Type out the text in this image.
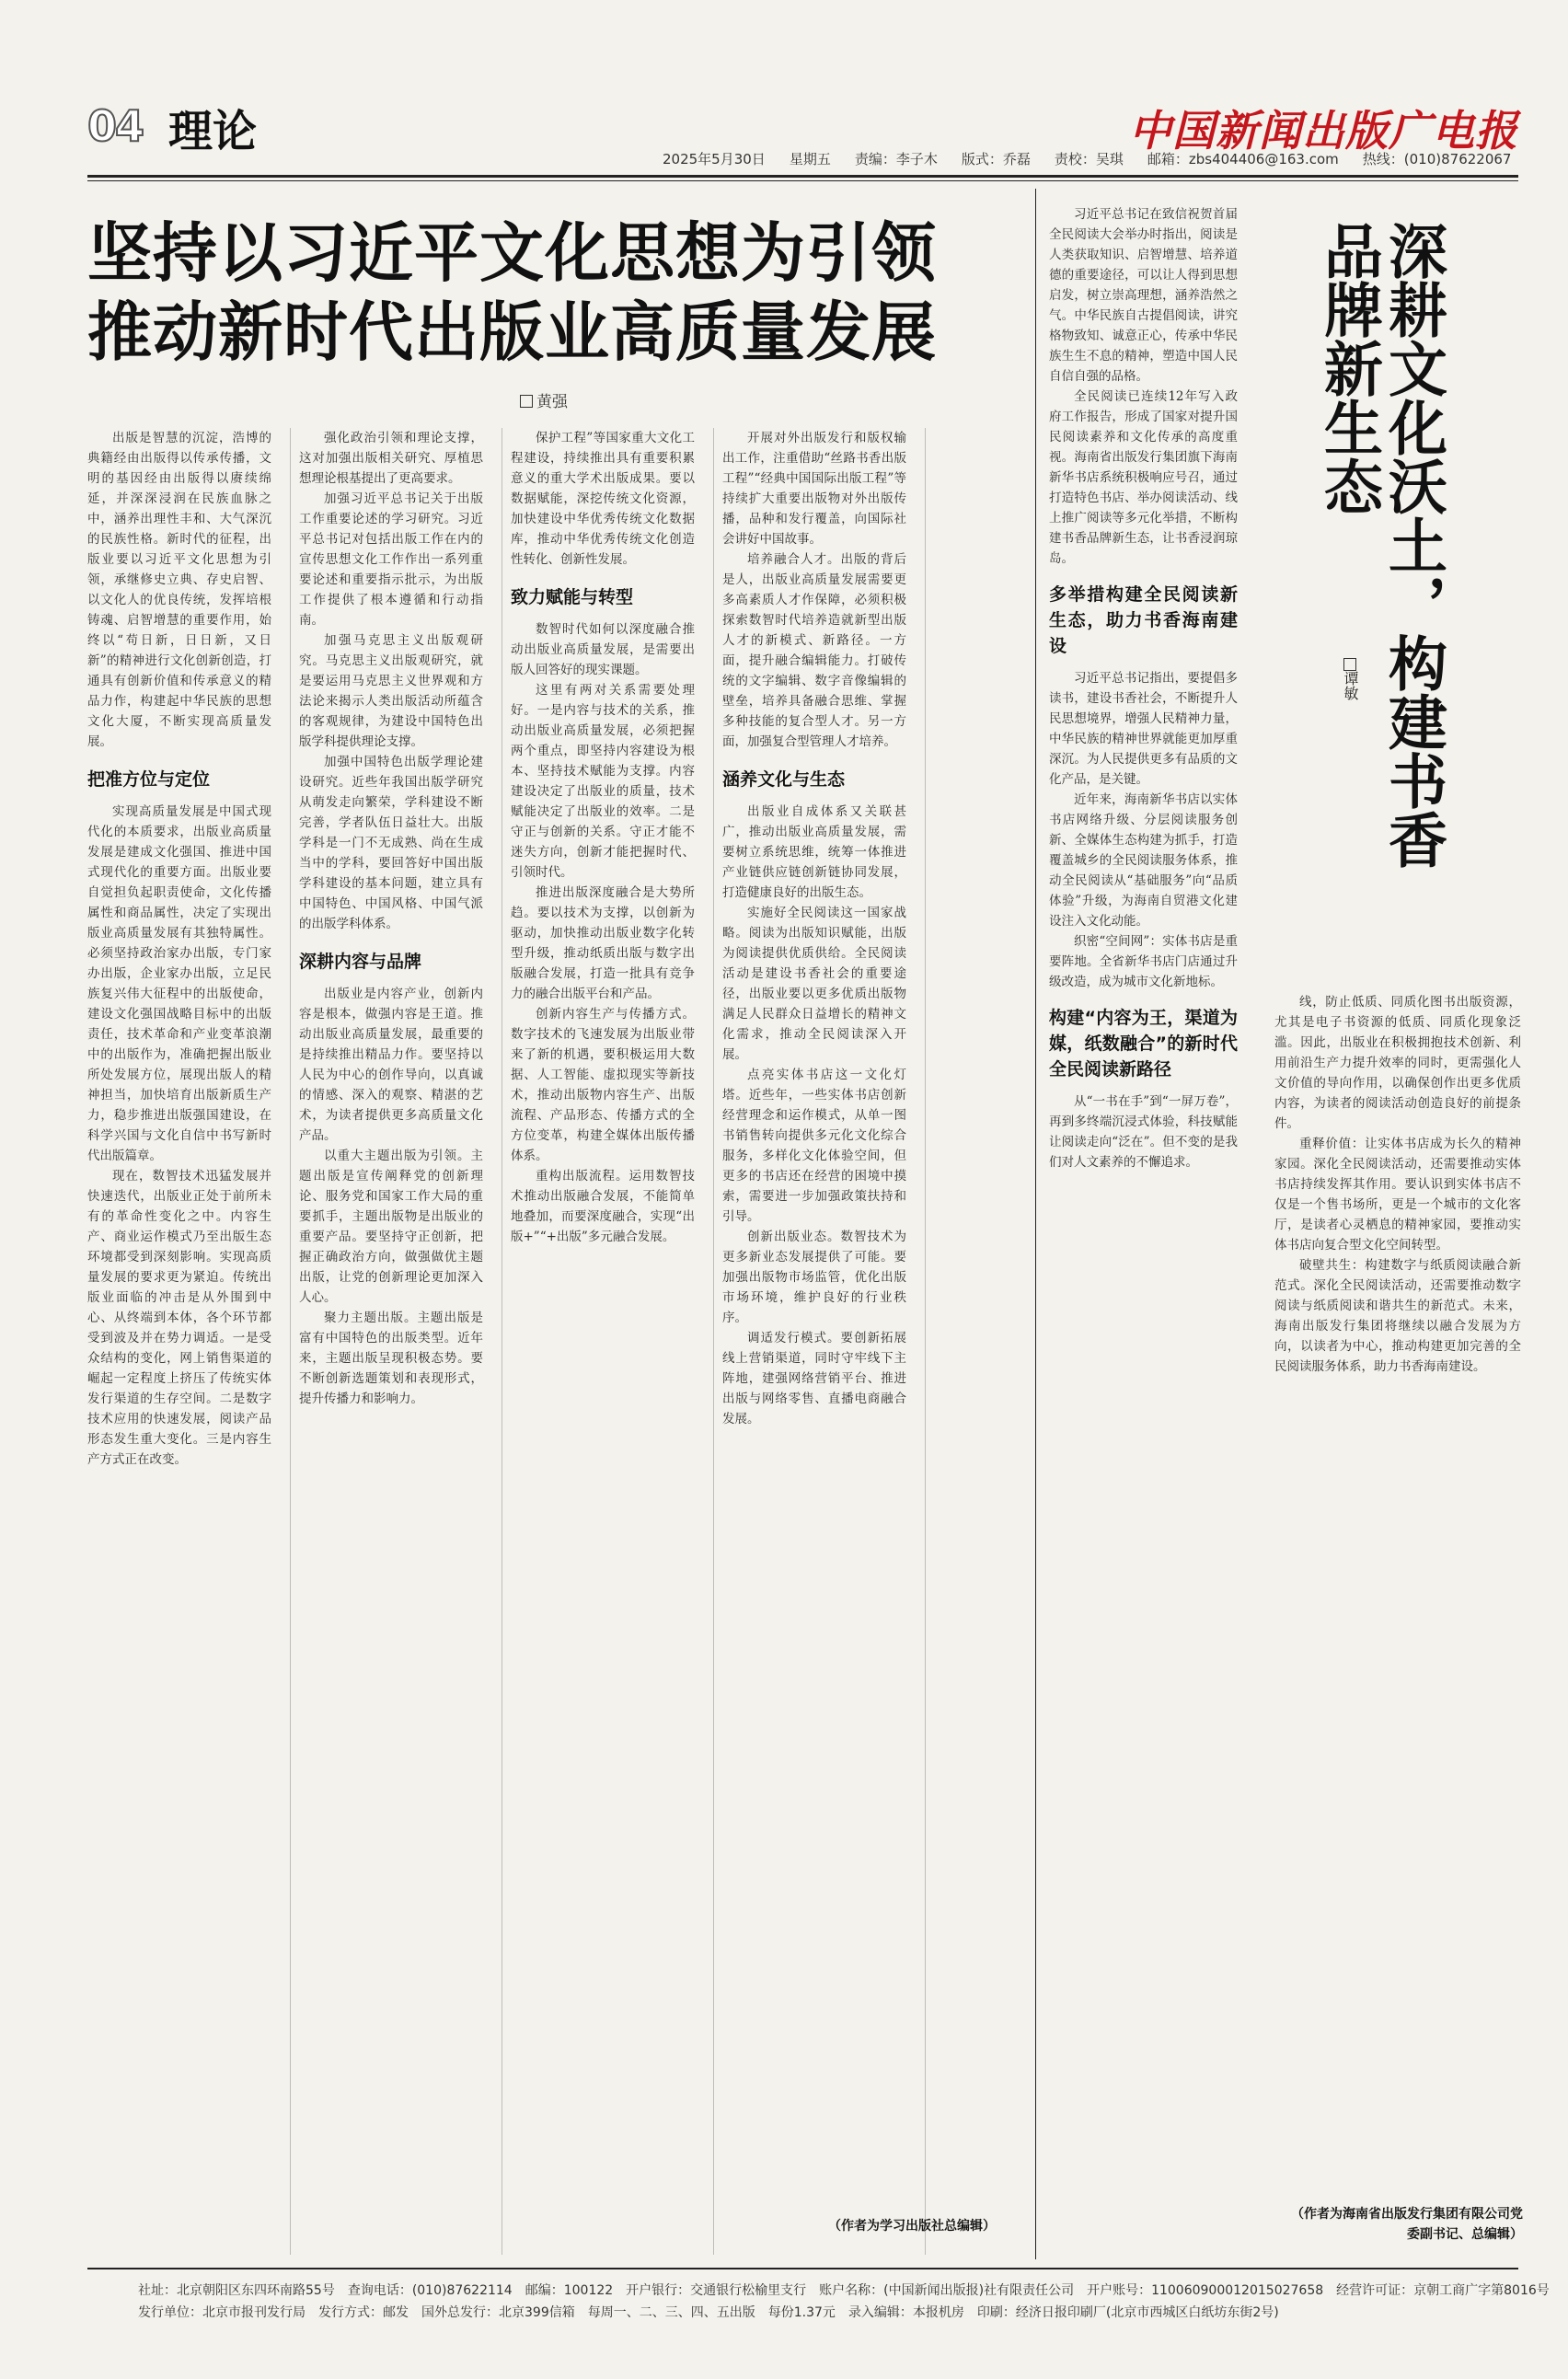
04 理论	中国新闻出版广电报
2025年5月30日 星期五 责编：李子木 版式：乔磊 责校：吴琪 邮箱：zbs404406@163.com 热线：(010)87622067
坚持以习近平文化思想为引领
推动新时代出版业高质量发展
黄强

出版是智慧的沉淀，浩博的典籍经由出版得以传承传播，文明的基因经由出版得以赓续绵延，并深深浸润在民族血脉之中，涵养出理性丰和、大气深沉的民族性格。新时代的征程，出版业要以习近平文化思想为引领，承继修史立典、存史启智、以文化人的优良传统，发挥培根铸魂、启智增慧的重要作用，始终以“苟日新，日日新，又日新”的精神进行文化创新创造，打通具有创新价值和传承意义的精品力作，构建起中华民族的思想文化大厦，不断实现高质量发展。

把准方位与定位

实现高质量发展是中国式现代化的本质要求，出版业高质量发展是建成文化强国、推进中国式现代化的重要方面。出版业要自觉担负起职责使命，文化传播属性和商品属性，决定了实现出版业高质量发展有其独特属性。必须坚持政治家办出版，专门家办出版，企业家办出版，立足民族复兴伟大征程中的出版使命，建设文化强国战略目标中的出版责任，技术革命和产业变革浪潮中的出版作为，准确把握出版业所处发展方位，展现出版人的精神担当，加快培育出版新质生产力，稳步推进出版强国建设，在科学兴国与文化自信中书写新时代出版篇章。

现在，数智技术迅猛发展并快速迭代，出版业正处于前所未有的革命性变化之中。内容生产、商业运作模式乃至出版生态环境都受到深刻影响。实现高质量发展的要求更为紧迫。传统出版业面临的冲击是从外围到中心、从终端到本体，各个环节都受到波及并在势力调适。一是受众结构的变化，网上销售渠道的崛起一定程度上挤压了传统实体发行渠道的生存空间。二是数字技术应用的快速发展，阅读产品形态发生重大变化。三是内容生产方式正在改变。

强化政治引领和理论支撑，这对加强出版相关研究、厚植思想理论根基提出了更高要求。

加强习近平总书记关于出版工作重要论述的学习研究。习近平总书记对包括出版工作在内的宣传思想文化工作作出一系列重要论述和重要指示批示，为出版工作提供了根本遵循和行动指南。

加强马克思主义出版观研究。马克思主义出版观研究，就是要运用马克思主义世界观和方法论来揭示人类出版活动所蕴含的客观规律，为建设中国特色出版学科提供理论支撑。

加强中国特色出版学理论建设研究。近些年我国出版学研究从萌发走向繁荣，学科建设不断完善，学者队伍日益壮大。出版学科是一门不无成熟、尚在生成当中的学科，要回答好中国出版学科建设的基本问题，建立具有中国特色、中国风格、中国气派的出版学科体系。

深耕内容与品牌

出版业是内容产业，创新内容是根本，做强内容是王道。推动出版业高质量发展，最重要的是持续推出精品力作。要坚持以人民为中心的创作导向，以真诚的情感、深入的观察、精湛的艺术，为读者提供更多高质量文化产品。

以重大主题出版为引领。主题出版是宣传阐释党的创新理论、服务党和国家工作大局的重要抓手，主题出版物是出版业的重要产品。要坚持守正创新，把握正确政治方向，做强做优主题出版，让党的创新理论更加深入人心。

聚力主题出版。主题出版是富有中国特色的出版类型。近年来，主题出版呈现积极态势。要不断创新选题策划和表现形式，提升传播力和影响力。

保护工程”等国家重大文化工程建设，持续推出具有重要积累意义的重大学术出版成果。要以数据赋能，深挖传统文化资源，加快建设中华优秀传统文化数据库，推动中华优秀传统文化创造性转化、创新性发展。

致力赋能与转型

数智时代如何以深度融合推动出版业高质量发展，是需要出版人回答好的现实课题。

这里有两对关系需要处理好。一是内容与技术的关系，推动出版业高质量发展，必须把握两个重点，即坚持内容建设为根本、坚持技术赋能为支撑。内容建设决定了出版业的质量，技术赋能决定了出版业的效率。二是守正与创新的关系。守正才能不迷失方向，创新才能把握时代、引领时代。

推进出版深度融合是大势所趋。要以技术为支撑，以创新为驱动，加快推动出版业数字化转型升级，推动纸质出版与数字出版融合发展，打造一批具有竞争力的融合出版平台和产品。

创新内容生产与传播方式。数字技术的飞速发展为出版业带来了新的机遇，要积极运用大数据、人工智能、虚拟现实等新技术，推动出版物内容生产、出版流程、产品形态、传播方式的全方位变革，构建全媒体出版传播体系。

重构出版流程。运用数智技术推动出版融合发展，不能简单地叠加，而要深度融合，实现“出版+”“+出版”多元融合发展。

开展对外出版发行和版权输出工作，注重借助“丝路书香出版工程”“经典中国国际出版工程”等持续扩大重要出版物对外出版传播，品种和发行覆盖，向国际社会讲好中国故事。

培养融合人才。出版的背后是人，出版业高质量发展需要更多高素质人才作保障，必须积极探索数智时代培养造就新型出版人才的新模式、新路径。一方面，提升融合编辑能力。打破传统的文字编辑、数字音像编辑的壁垒，培养具备融合思维、掌握多种技能的复合型人才。另一方面，加强复合型管理人才培养。

涵养文化与生态

出版业自成体系又关联甚广，推动出版业高质量发展，需要树立系统思维，统筹一体推进产业链供应链创新链协同发展，打造健康良好的出版生态。

实施好全民阅读这一国家战略。阅读为出版知识赋能，出版为阅读提供优质供给。全民阅读活动是建设书香社会的重要途径，出版业要以更多优质出版物满足人民群众日益增长的精神文化需求，推动全民阅读深入开展。

点亮实体书店这一文化灯塔。近些年，一些实体书店创新经营理念和运作模式，从单一图书销售转向提供多元化文化综合服务，多样化文化体验空间，但更多的书店还在经营的困境中摸索，需要进一步加强政策扶持和引导。

创新出版业态。数智技术为更多新业态发展提供了可能。要加强出版物市场监管，优化出版市场环境，维护良好的行业秩序。

调适发行模式。要创新拓展线上营销渠道，同时守牢线下主阵地，建强网络营销平台、推进出版与网络零售、直播电商融合发展。

（作者为学习出版社总编辑）

习近平总书记在致信祝贺首届全民阅读大会举办时指出，阅读是人类获取知识、启智增慧、培养道德的重要途径，可以让人得到思想启发，树立崇高理想，涵养浩然之气。中华民族自古提倡阅读，讲究格物致知、诚意正心，传承中华民族生生不息的精神，塑造中国人民自信自强的品格。

全民阅读已连续12年写入政府工作报告，形成了国家对提升国民阅读素养和文化传承的高度重视。海南省出版发行集团旗下海南新华书店系统积极响应号召，通过打造特色书店、举办阅读活动、线上推广阅读等多元化举措，不断构建书香品牌新生态，让书香浸润琼岛。

多举措构建全民阅读新生态，助力书香海南建设

习近平总书记指出，要提倡多读书，建设书香社会，不断提升人民思想境界，增强人民精神力量，中华民族的精神世界就能更加厚重深沉。为人民提供更多有品质的文化产品，是关键。

近年来，海南新华书店以实体书店网络升级、分层阅读服务创新、全媒体生态构建为抓手，打造覆盖城乡的全民阅读服务体系，推动全民阅读从“基础服务”向“品质体验”升级，为海南自贸港文化建设注入文化动能。

织密“空间网”：实体书店是重要阵地。全省新华书店门店通过升级改造，成为城市文化新地标。

构建“内容为王，渠道为媒，纸数融合”的新时代全民阅读新路径

从“一书在手”到“一屏万卷”，再到多终端沉浸式体验，科技赋能让阅读走向“泛在”。但不变的是我们对人文素养的不懈追求。

深耕文化沃土，构建书香品牌新生态
谭敏

线，防止低质、同质化图书出版资源，尤其是电子书资源的低质、同质化现象泛滥。因此，出版业在积极拥抱技术创新、利用前沿生产力提升效率的同时，更需强化人文价值的导向作用，以确保创作出更多优质内容，为读者的阅读活动创造良好的前提条件。

重释价值：让实体书店成为长久的精神家园。深化全民阅读活动，还需要推动实体书店持续发挥其作用。要认识到实体书店不仅是一个售书场所，更是一个城市的文化客厅，是读者心灵栖息的精神家园，要推动实体书店向复合型文化空间转型。

破壁共生：构建数字与纸质阅读融合新范式。深化全民阅读活动，还需要推动数字阅读与纸质阅读和谐共生的新范式。未来，海南出版发行集团将继续以融合发展为方向，以读者为中心，推动构建更加完善的全民阅读服务体系，助力书香海南建设。

（作者为海南省出版发行集团有限公司党委副书记、总编辑）
社址：北京朝阳区东四环南路55号　查询电话：(010)87622114　邮编：100122　开户银行：交通银行松榆里支行　账户名称：(中国新闻出版报)社有限责任公司　开户账号：110060900012015027658　经营许可证：京朝工商广字第8016号
发行单位：北京市报刊发行局　发行方式：邮发　国外总发行：北京399信箱　每周一、二、三、四、五出版　每份1.37元　录入编辑：本报机房　印刷：经济日报印刷厂(北京市西城区白纸坊东街2号)
